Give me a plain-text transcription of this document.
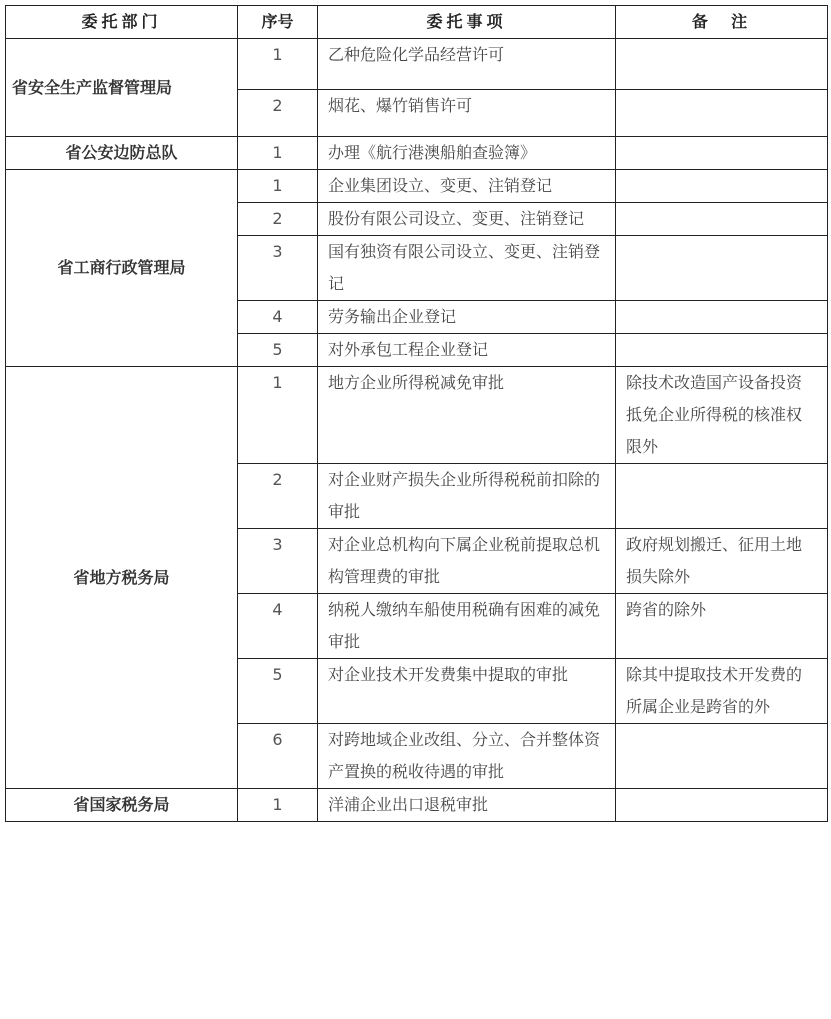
委托部门	序号	委托事项	备  注
省安全生产监督管理局	1	乙种危险化学品经营许可	
	2	烟花、爆竹销售许可	
省公安边防总队	1	办理《航行港澳船舶查验簿》	
省工商行政管理局	1	企业集团设立、变更、注销登记	
	2	股份有限公司设立、变更、注销登记	
	3	国有独资有限公司设立、变更、注销登记	
	4	劳务输出企业登记	
	5	对外承包工程企业登记	
省地方税务局	1	地方企业所得税减免审批	除技术改造国产设备投资抵免企业所得税的核准权限外
	2	对企业财产损失企业所得税税前扣除的审批	
	3	对企业总机构向下属企业税前提取总机构管理费的审批	政府规划搬迁、征用土地损失除外
	4	纳税人缴纳车船使用税确有困难的减免审批	跨省的除外
	5	对企业技术开发费集中提取的审批	除其中提取技术开发费的所属企业是跨省的外
	6	对跨地域企业改组、分立、合并整体资产置换的税收待遇的审批	
省国家税务局	1	洋浦企业出口退税审批	
